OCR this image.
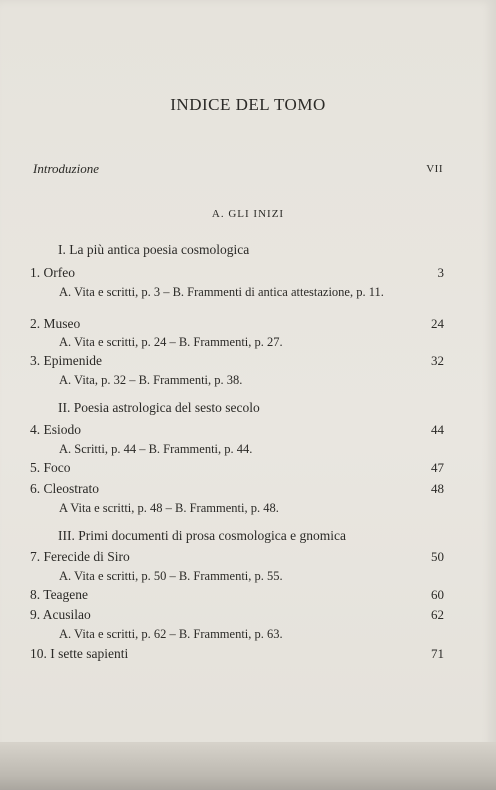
INDICE DEL TOMO
Introduzione	VII
A. GLI INIZI
I. La più antica poesia cosmologica
1. Orfeo	3
A. Vita e scritti, p. 3 – B. Frammenti di antica attestazione, p. 11.
2. Museo	24
A. Vita e scritti, p. 24 – B. Frammenti, p. 27.
3. Epimenide	32
A. Vita, p. 32 – B. Frammenti, p. 38.
II. Poesia astrologica del sesto secolo
4. Esiodo	44
A. Scritti, p. 44 – B. Frammenti, p. 44.
5. Foco	47
6. Cleostrato	48
A Vita e scritti, p. 48 – B. Frammenti, p. 48.
III. Primi documenti di prosa cosmologica e gnomica
7. Ferecide di Siro	50
A. Vita e scritti, p. 50 – B. Frammenti, p. 55.
8. Teagene	60
9. Acusilao	62
A. Vita e scritti, p. 62 – B. Frammenti, p. 63.
10. I sette sapienti	71
